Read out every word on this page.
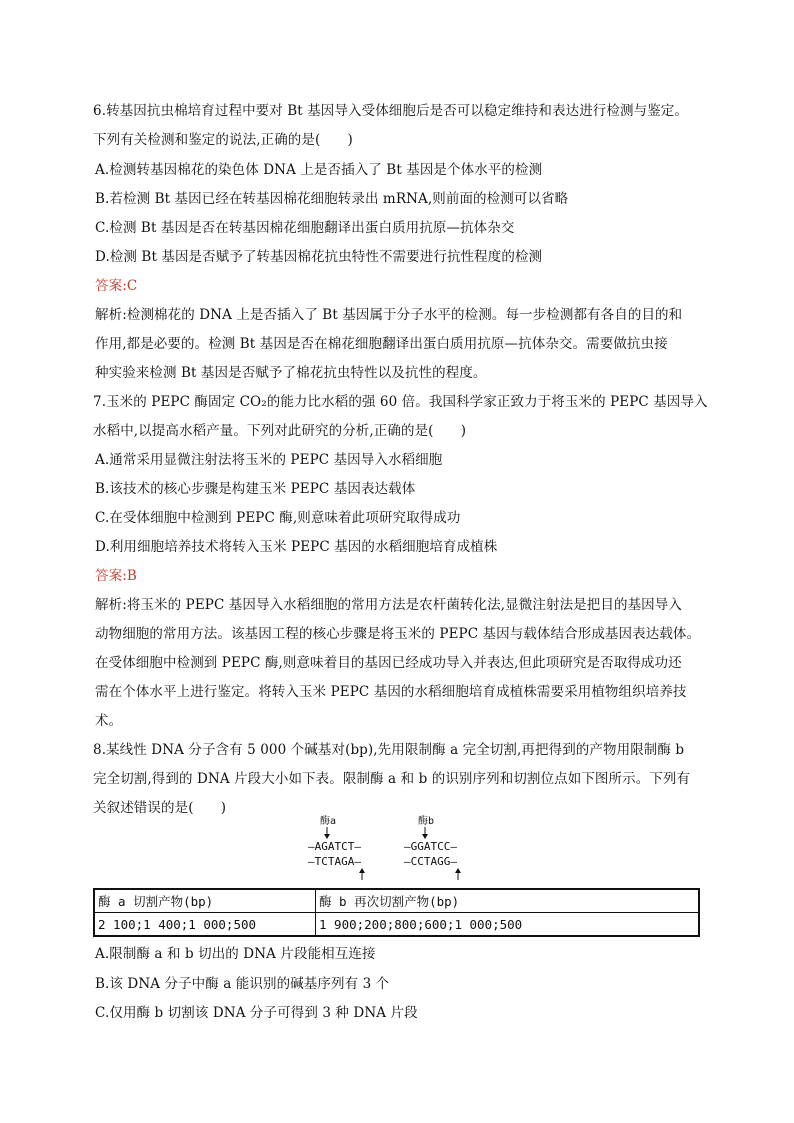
6.转基因抗虫棉培育过程中要对 Bt 基因导入受体细胞后是否可以稳定维持和表达进行检测与鉴定。
下列有关检测和鉴定的说法,正确的是(　　)
A.检测转基因棉花的染色体 DNA 上是否插入了 Bt 基因是个体水平的检测
B.若检测 Bt 基因已经在转基因棉花细胞转录出 mRNA,则前面的检测可以省略
C.检测 Bt 基因是否在转基因棉花细胞翻译出蛋白质用抗原—抗体杂交
D.检测 Bt 基因是否赋予了转基因棉花抗虫特性不需要进行抗性程度的检测
答案:C
解析:检测棉花的 DNA 上是否插入了 Bt 基因属于分子水平的检测。每一步检测都有各自的目的和
作用,都是必要的。检测 Bt 基因是否在棉花细胞翻译出蛋白质用抗原—抗体杂交。需要做抗虫接
种实验来检测 Bt 基因是否赋予了棉花抗虫特性以及抗性的程度。
7.玉米的 PEPC 酶固定 CO₂的能力比水稻的强 60 倍。我国科学家正致力于将玉米的 PEPC 基因导入
水稻中,以提高水稻产量。下列对此研究的分析,正确的是(　　)
A.通常采用显微注射法将玉米的 PEPC 基因导入水稻细胞
B.该技术的核心步骤是构建玉米 PEPC 基因表达载体
C.在受体细胞中检测到 PEPC 酶,则意味着此项研究取得成功
D.利用细胞培养技术将转入玉米 PEPC 基因的水稻细胞培育成植株
答案:B
解析:将玉米的 PEPC 基因导入水稻细胞的常用方法是农杆菌转化法,显微注射法是把目的基因导入
动物细胞的常用方法。该基因工程的核心步骤是将玉米的 PEPC 基因与载体结合形成基因表达载体。
在受体细胞中检测到 PEPC 酶,则意味着目的基因已经成功导入并表达,但此项研究是否取得成功还
需在个体水平上进行鉴定。将转入玉米 PEPC 基因的水稻细胞培育成植株需要采用植物组织培养技
术。
8.某线性 DNA 分子含有 5 000 个碱基对(bp),先用限制酶 a 完全切割,再把得到的产物用限制酶 b
完全切割,得到的 DNA 片段大小如下表。限制酶 a 和 b 的识别序列和切割位点如下图所示。下列有
关叙述错误的是(　　)
酶a
—AGATCT—
—TCTAGA—
酶b
—GGATCC—
—CCTAGG—
酶 a 切割产物(bp)	酶 b 再次切割产物(bp)
2 100;1 400;1 000;500	1 900;200;800;600;1 000;500
A.限制酶 a 和 b 切出的 DNA 片段能相互连接
B.该 DNA 分子中酶 a 能识别的碱基序列有 3 个
C.仅用酶 b 切割该 DNA 分子可得到 3 种 DNA 片段
